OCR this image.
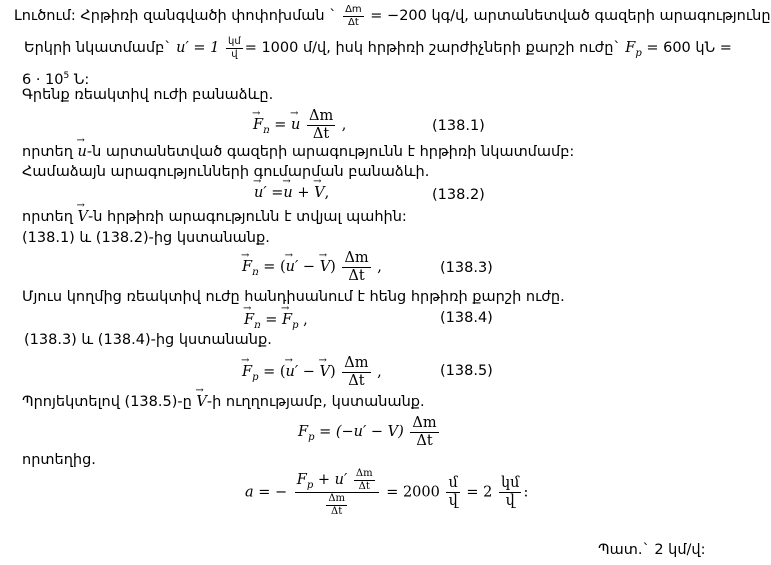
Լուծում: Հրթիռի զանգվածի փոփոխման ` $\frac{\Delta m}{\Delta t} = -200$ կգ/վ, արտանետված գազերի արագությունը
Երկրի նկատմամբ` $u' = 1 \frac{\text{կմ}}{\text{վ}} = 1000$ մ/վ, իսկ հրթիռի շարժիչների քարշի ուժը` $F_p = 600$ կՆ =
$6 \cdot 10^5$ Ն:
Գրենք ռեակտիվ ուժի բանաձևը.
→ $F_ռ$ = → u $\frac{\Delta m}{\Delta t}$ ,	(138.1)
որտեղ → u-ն արտանետված գազերի արագությունն է հրթիռի նկատմամբ:
Համաձայն արագությունների գումարման բանաձևի.
→ u′ =→ u + → V,	(138.2)
որտեղ → V-ն հրթիռի արագությունն է տվյալ պահին:
(138.1) և (138.2)-ից կստանանք.
→ $F_ռ$ = (→ u′ − → $V) \frac{\Delta m}{\Delta t}$ ,	(138.3)
Մյուս կողմից ռեակտիվ ուժը հանդիսանում է հենց հրթիռի քարշի ուժը.
→ $F_ռ$ = → $F_p$ ,	(138.4)
(138.3) և (138.4)-ից կստանանք.
→ $F_p$ = (→ u′ − → $V) \frac{\Delta m}{\Delta t}$ ,	(138.5)
Պրոյեկտելով (138.5)-ը → V-ի ուղղությամբ, կստանանք.
$F_p = (-u' - V) \frac{\Delta m}{\Delta t}$
որտեղից.
a = − $\frac{F_p + u' \frac{\Delta m}{\Delta t}}{\frac{\Delta m}{\Delta t}} = 2000 \frac{\text{մ}}{\text{վ}} = 2 \frac{\text{կմ}}{\text{վ}}$ :
Պատ.` 2 կմ/վ:
